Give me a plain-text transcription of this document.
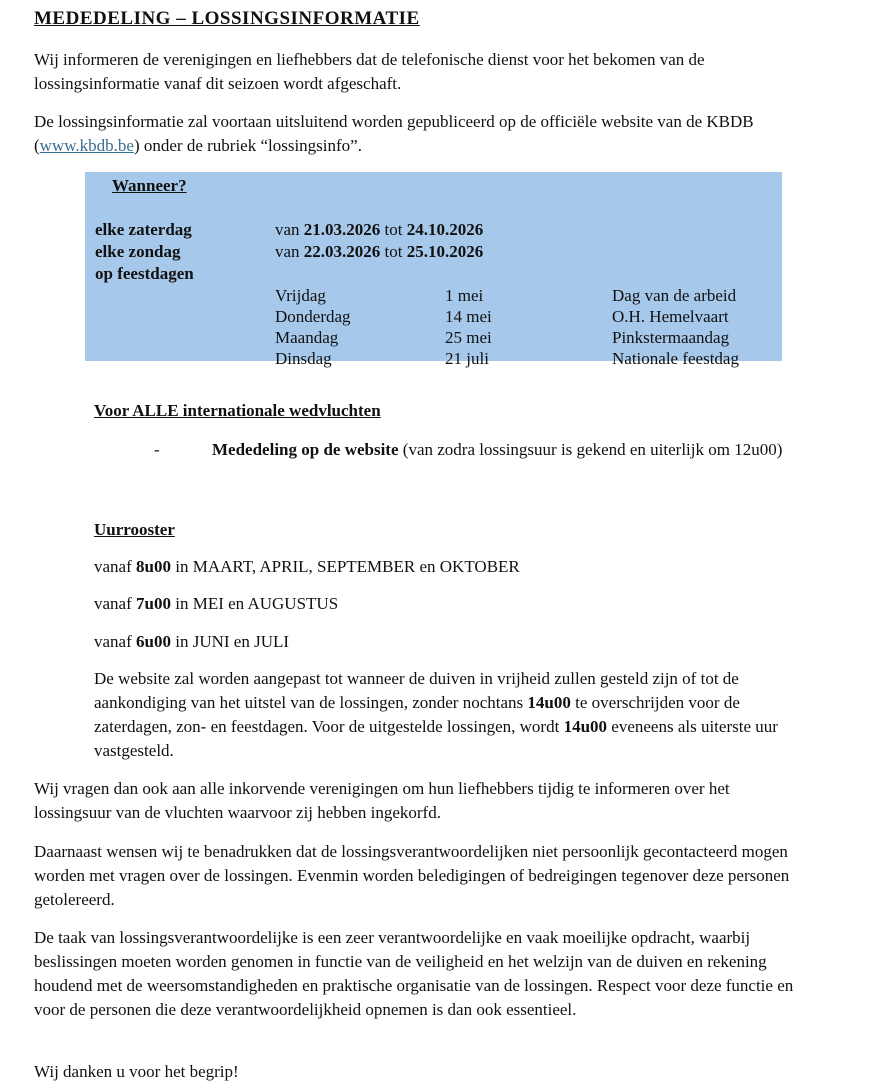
MEDEDELING – LOSSINGSINFORMATIE

Wij informeren de verenigingen en liefhebbers dat de telefonische dienst voor het bekomen van de lossingsinformatie vanaf dit seizoen wordt afgeschaft.

De lossingsinformatie zal voortaan uitsluitend worden gepubliceerd op de officiële website van de KBDB (www.kbdb.be) onder de rubriek “lossingsinfo”.

Wanneer?
elke zaterdag	van 21.03.2026 tot 24.10.2026
elke zondag	van 22.03.2026 tot 25.10.2026
op feestdagen
Vrijdag	1 mei	Dag van de arbeid
Donderdag	14 mei	O.H. Hemelvaart
Maandag	25 mei	Pinkstermaandag
Dinsdag	21 juli	Nationale feestdag
Voor ALLE internationale wedvluchten
-	Mededeling op de website (van zodra lossingsuur is gekend en uiterlijk om 12u00)
Uurrooster
vanaf 8u00 in MAART, APRIL, SEPTEMBER en OKTOBER
vanaf 7u00 in MEI en AUGUSTUS
vanaf 6u00 in JUNI en JULI
De website zal worden aangepast tot wanneer de duiven in vrijheid zullen gesteld zijn of tot de aankondiging van het uitstel van de lossingen, zonder nochtans 14u00 te overschrijden voor de zaterdagen, zon- en feestdagen. Voor de uitgestelde lossingen, wordt 14u00 eveneens als uiterste uur vastgesteld.
Wij vragen dan ook aan alle inkorvende verenigingen om hun liefhebbers tijdig te informeren over het lossingsuur van de vluchten waarvoor zij hebben ingekorfd.
Daarnaast wensen wij te benadrukken dat de lossingsverantwoordelijken niet persoonlijk gecontacteerd mogen worden met vragen over de lossingen. Evenmin worden beledigingen of bedreigingen tegenover deze personen getolereerd.
De taak van lossingsverantwoordelijke is een zeer verantwoordelijke en vaak moeilijke opdracht, waarbij beslissingen moeten worden genomen in functie van de veiligheid en het welzijn van de duiven en rekening houdend met de weersomstandigheden en praktische organisatie van de lossingen. Respect voor deze functie en voor de personen die deze verantwoordelijkheid opnemen is dan ook essentieel.
Wij danken u voor het begrip!
